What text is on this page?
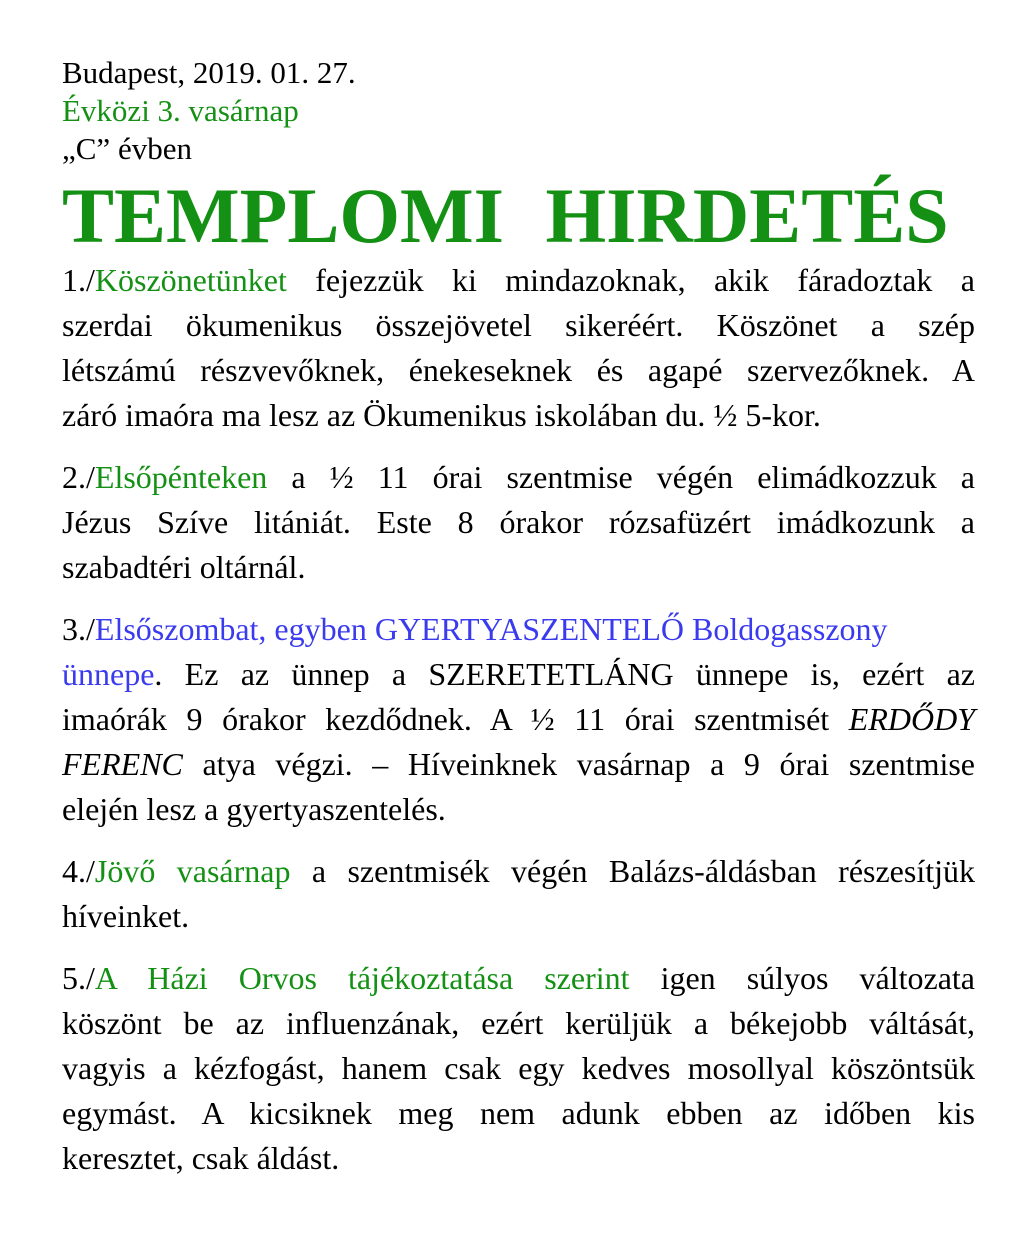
Budapest, 2019. 01. 27.
Évközi 3. vasárnap
„C” évben
TEMPLOMI HIRDETÉS
1./Köszönetünket fejezzük ki mindazoknak, akik fáradoztak a
szerdai ökumenikus összejövetel sikeréért. Köszönet a szép
létszámú részvevőknek, énekeseknek és agapé szervezőknek. A
záró imaóra ma lesz az Ökumenikus iskolában du. ½ 5-kor.
2./Elsőpénteken a ½ 11 órai szentmise végén elimádkozzuk a
Jézus Szíve litániát. Este 8 órakor rózsafüzért imádkozunk a
szabadtéri oltárnál.
3./Elsőszombat, egyben GYERTYASZENTELŐ Boldogasszony
ünnepe. Ez az ünnep a SZERETETLÁNG ünnepe is, ezért az
imaórák 9 órakor kezdődnek. A ½ 11 órai szentmisét ERDŐDY
FERENC atya végzi. – Híveinknek vasárnap a 9 órai szentmise
elején lesz a gyertyaszentelés.
4./Jövő vasárnap a szentmisék végén Balázs-áldásban részesítjük
híveinket.
5./A Házi Orvos tájékoztatása szerint igen súlyos változata
köszönt be az influenzának, ezért kerüljük a békejobb váltását,
vagyis a kézfogást, hanem csak egy kedves mosollyal köszöntsük
egymást. A kicsiknek meg nem adunk ebben az időben kis
keresztet, csak áldást.
